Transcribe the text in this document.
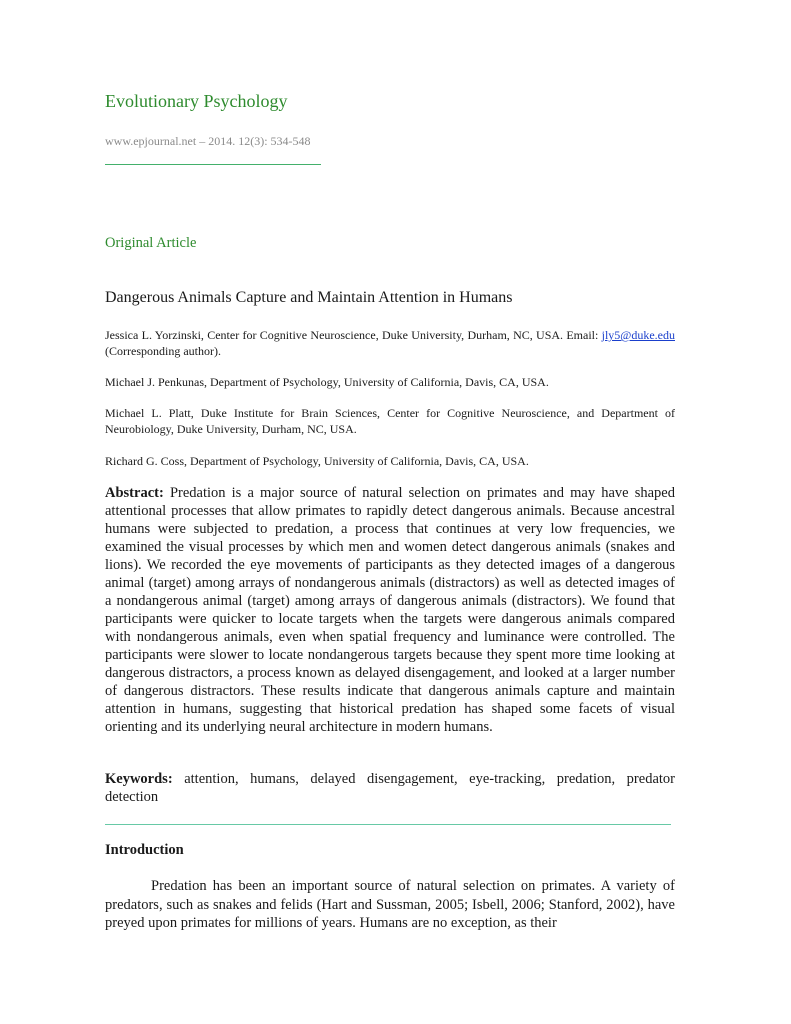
Evolutionary Psychology
www.epjournal.net – 2014. 12(3): 534-548
Original Article
Dangerous Animals Capture and Maintain Attention in Humans
Jessica L. Yorzinski, Center for Cognitive Neuroscience, Duke University, Durham, NC, USA. Email: jly5@duke.edu (Corresponding author).
Michael J. Penkunas, Department of Psychology, University of California, Davis, CA, USA.
Michael L. Platt, Duke Institute for Brain Sciences, Center for Cognitive Neuroscience, and Department of Neurobiology, Duke University, Durham, NC, USA.
Richard G. Coss, Department of Psychology, University of California, Davis, CA, USA.
Abstract: Predation is a major source of natural selection on primates and may have shaped attentional processes that allow primates to rapidly detect dangerous animals. Because ancestral humans were subjected to predation, a process that continues at very low frequencies, we examined the visual processes by which men and women detect dangerous animals (snakes and lions). We recorded the eye movements of participants as they detected images of a dangerous animal (target) among arrays of nondangerous animals (distractors) as well as detected images of a nondangerous animal (target) among arrays of dangerous animals (distractors). We found that participants were quicker to locate targets when the targets were dangerous animals compared with nondangerous animals, even when spatial frequency and luminance were controlled. The participants were slower to locate nondangerous targets because they spent more time looking at dangerous distractors, a process known as delayed disengagement, and looked at a larger number of dangerous distractors. These results indicate that dangerous animals capture and maintain attention in humans, suggesting that historical predation has shaped some facets of visual orienting and its underlying neural architecture in modern humans.
Keywords: attention, humans, delayed disengagement, eye-tracking, predation, predator detection
Introduction
Predation has been an important source of natural selection on primates. A variety of predators, such as snakes and felids (Hart and Sussman, 2005; Isbell, 2006; Stanford, 2002), have preyed upon primates for millions of years. Humans are no exception, as their
